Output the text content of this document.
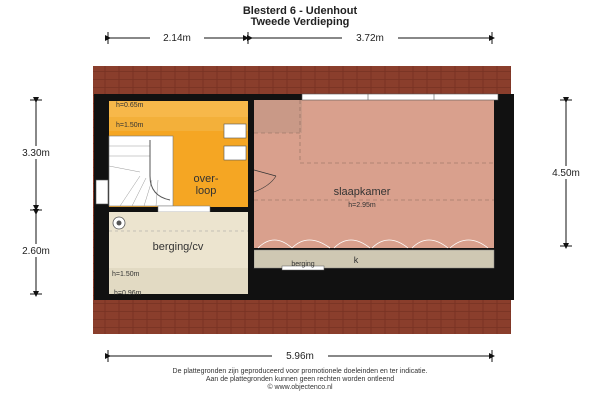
Blesterd 6 - Udenhout
Tweede Verdieping
2.14m	3.72m
h=0.65m
h=1.50m
over-
loop	slaapkamer
h=2.95m
berging/cv
h=1.50m
h=0.96m
berging	k
3.30m
2.60m
4.50m
5.96m
De plattegronden zijn geproduceerd voor promotionele doeleinden en ter indicatie.
Aan de plattegronden kunnen geen rechten worden ontleend
© www.objectenco.nl
